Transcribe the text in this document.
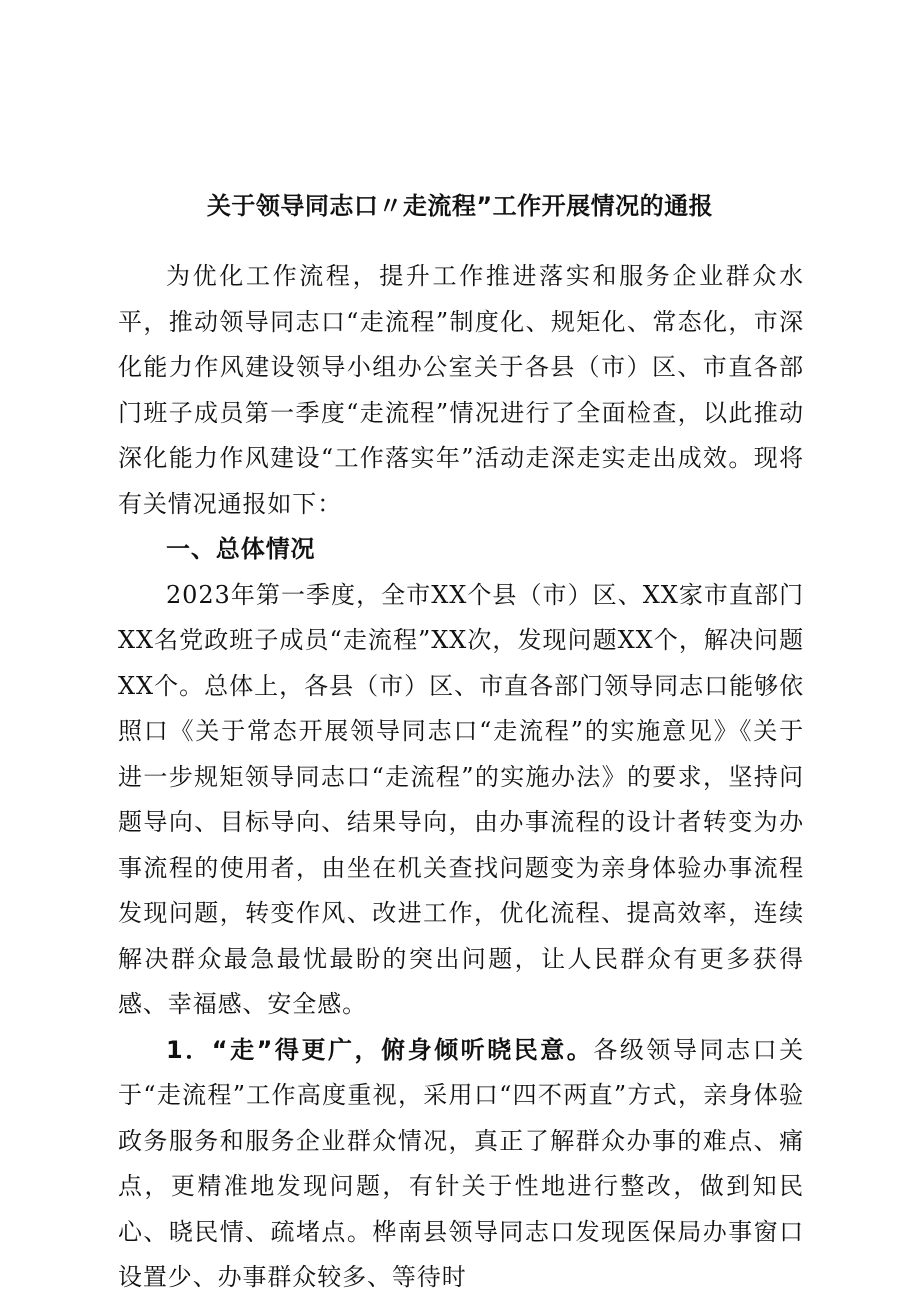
关于领导同志口〃走流程”工作开展情况的通报

为优化工作流程，提升工作推进落实和服务企业群众水平，推动领导同志口“走流程”制度化、规矩化、常态化，市深化能力作风建设领导小组办公室关于各县（市）区、市直各部门班子成员第一季度“走流程”情况进行了全面检查，以此推动深化能力作风建设“工作落实年”活动走深走实走出成效。现将有关情况通报如下：

一、总体情况

2023年第一季度，全市XX个县（市）区、XX家市直部门XX名党政班子成员“走流程”XX次，发现问题XX个，解决问题XX个。总体上，各县（市）区、市直各部门领导同志口能够依照口《关于常态开展领导同志口“走流程”的实施意见》《关于进一步规矩领导同志口“走流程”的实施办法》的要求，坚持问题导向、目标导向、结果导向，由办事流程的设计者转变为办事流程的使用者，由坐在机关查找问题变为亲身体验办事流程发现问题，转变作风、改进工作，优化流程、提高效率，连续解决群众最急最忧最盼的突出问题，让人民群众有更多获得感、幸福感、安全感。

1．“走”得更广，俯身倾听晓民意。各级领导同志口关于“走流程”工作高度重视，采用口“四不两直”方式，亲身体验政务服务和服务企业群众情况，真正了解群众办事的难点、痛点，更精准地发现问题，有针关于性地进行整改，做到知民心、晓民情、疏堵点。桦南县领导同志口发现医保局办事窗口设置少、办事群众较多、等待时
